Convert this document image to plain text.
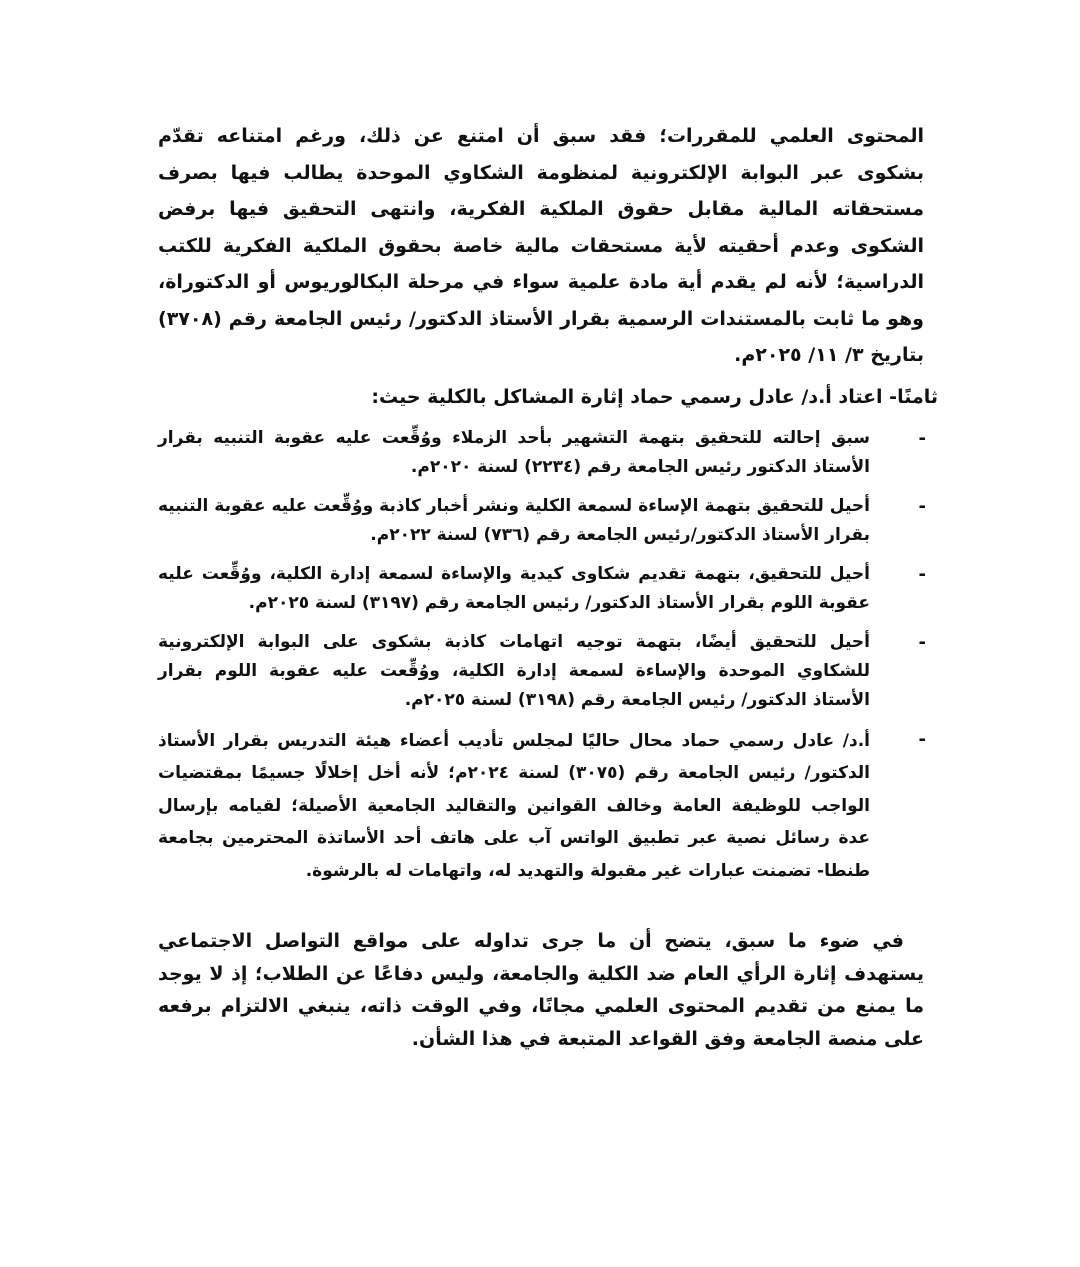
المحتوى العلمي للمقررات؛ فقد سبق أن امتنع عن ذلك، ورغم امتناعه تقدّم بشكوى عبر البوابة الإلكترونية لمنظومة الشكاوي الموحدة يطالب فيها بصرف مستحقاته المالية مقابل حقوق الملكية الفكرية، وانتهى التحقيق فيها برفض الشكوى وعدم أحقيته لأية مستحقات مالية خاصة بحقوق الملكية الفكرية للكتب الدراسية؛ لأنه لم يقدم أية مادة علمية سواء في مرحلة البكالوريوس أو الدكتوراة، وهو ما ثابت بالمستندات الرسمية بقرار الأستاذ الدكتور/ رئيس الجامعة رقم (٣٧٠٨) بتاريخ ٣/ ١١/ ٢٠٢٥م.

ثامنًا- اعتاد أ.د/ عادل رسمي حماد إثارة المشاكل بالكلية حيث:
-

سبق إحالته للتحقيق بتهمة التشهير بأحد الزملاء ووُقِّعت عليه عقوبة التنبيه بقرار الأستاذ الدكتور رئيس الجامعة رقم (٢٢٣٤) لسنة ٢٠٢٠م.

-

أحيل للتحقيق بتهمة الإساءة لسمعة الكلية ونشر أخبار كاذبة ووُقِّعت عليه عقوبة التنبيه بقرار الأستاذ الدكتور/رئيس الجامعة رقم (٧٣٦) لسنة ٢٠٢٢م.

-

أحيل للتحقيق، بتهمة تقديم شكاوى كيدية والإساءة لسمعة إدارة الكلية، ووُقِّعت عليه عقوبة اللوم بقرار الأستاذ الدكتور/ رئيس الجامعة رقم (٣١٩٧) لسنة ٢٠٢٥م.

-

أحيل للتحقيق أيضًا، بتهمة توجيه اتهامات كاذبة بشكوى على البوابة الإلكترونية للشكاوي الموحدة والإساءة لسمعة إدارة الكلية، ووُقِّعت عليه عقوبة اللوم بقرار الأستاذ الدكتور/ رئيس الجامعة رقم (٣١٩٨) لسنة ٢٠٢٥م.

-

أ.د/ عادل رسمي حماد محال حاليًا لمجلس تأديب أعضاء هيئة التدريس بقرار الأستاذ الدكتور/ رئيس الجامعة رقم (٣٠٧٥) لسنة ٢٠٢٤م؛ لأنه أخل إخلالًا جسيمًا بمقتضيات الواجب للوظيفة العامة وخالف القوانين والتقاليد الجامعية الأصيلة؛ لقيامه بإرسال عدة رسائل نصية عبر تطبيق الواتس آب على هاتف أحد الأساتذة المحترمين بجامعة طنطا- تضمنت عبارات غير مقبولة والتهديد له، واتهامات له بالرشوة.

في ضوء ما سبق، يتضح أن ما جرى تداوله على مواقع التواصل الاجتماعي يستهدف إثارة الرأي العام ضد الكلية والجامعة، وليس دفاعًا عن الطلاب؛ إذ لا يوجد ما يمنع من تقديم المحتوى العلمي مجانًا، وفي الوقت ذاته، ينبغي الالتزام برفعه على منصة الجامعة وفق القواعد المتبعة في هذا الشأن.
